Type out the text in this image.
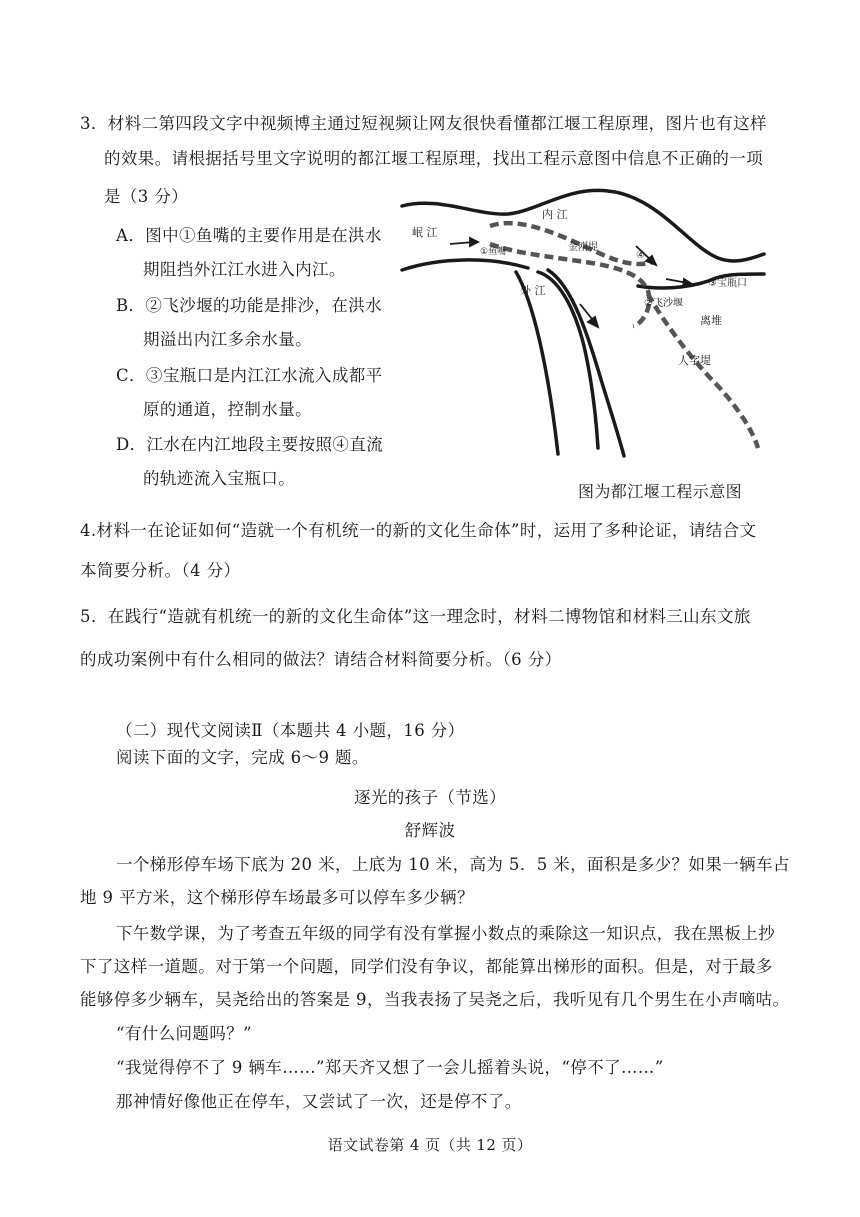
3．材料二第四段文字中视频博主通过短视频让网友很快看懂都江堰工程原理，图片也有这样
的效果。请根据括号里文字说明的都江堰工程原理，找出工程示意图中信息不正确的一项
是（3 分）
A．图中①鱼嘴的主要作用是在洪水
期阻挡外江江水进入内江。
B．②飞沙堰的功能是排沙，在洪水
期溢出内江多余水量。
C．③宝瓶口是内江江水流入成都平
原的通道，控制水量。
D．江水在内江地段主要按照④直流
的轨迹流入宝瓶口。
岷 江
内 江
外 江
①鱼嘴	金刚堤
④
②飞沙堰
③宝瓶口
离堆
人字堤
图为都江堰工程示意图
4.材料一在论证如何“造就一个有机统一的新的文化生命体”时，运用了多种论证，请结合文
本简要分析。（4 分）
5．在践行“造就有机统一的新的文化生命体”这一理念时，材料二博物馆和材料三山东文旅
的成功案例中有什么相同的做法？请结合材料简要分析。（6 分）
（二）现代文阅读Ⅱ（本题共 4 小题，16 分）
阅读下面的文字，完成 6～9 题。
逐光的孩子（节选）
舒辉波
一个梯形停车场下底为 20 米，上底为 10 米，高为 5．5 米，面积是多少？如果一辆车占
地 9 平方米，这个梯形停车场最多可以停车多少辆？
下午数学课，为了考查五年级的同学有没有掌握小数点的乘除这一知识点，我在黑板上抄
下了这样一道题。对于第一个问题，同学们没有争议，都能算出梯形的面积。但是，对于最多
能够停多少辆车，吴尧给出的答案是 9，当我表扬了吴尧之后，我听见有几个男生在小声嘀咕。
“有什么问题吗？”
“我觉得停不了 9 辆车……”郑天齐又想了一会儿摇着头说，“停不了……”
那神情好像他正在停车，又尝试了一次，还是停不了。
语文试卷第 4 页（共 12 页）
